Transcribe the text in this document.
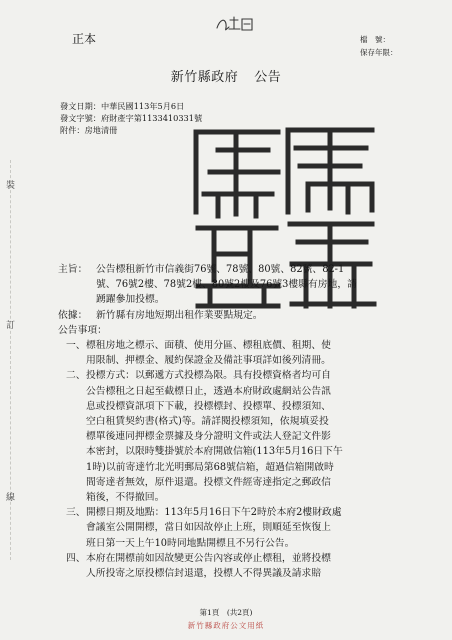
正本	檔　號：
保存年限：
新竹縣政府 公告
發文日期：中華民國113年5月6日
發文字號：府財產字第1133410331號
附件：房地清冊
裝
訂
線
主旨： 公告標租新竹市信義街76號、78號、80號、82號、82-1
號、76號2樓、78號2樓、80號2樓及76號3樓縣有房地，請
踴躍參加投標。
依據： 新竹縣有房地短期出租作業要點規定。
公告事項：
一、 標租房地之標示、面積、使用分區、標租底價、租期、使
用限制、押標金、履約保證金及備註事項詳如後列清冊。
二、 投標方式：以郵遞方式投標為限。具有投標資格者均可自
公告標租之日起至截標日止，透過本府財政處網站公告訊
息或投標資訊項下下載，投標標封、投標單、投標須知、
空白租賃契約書(格式)等。請詳閱投標須知，依規填妥投
標單後連同押標金票據及身分證明文件或法人登記文件影
本密封，以限時雙掛號於本府開啟信箱(113年5月16日下午
1時)以前寄達竹北光明郵局第68號信箱，超過信箱開啟時
間寄達者無效，原件退還。投標文件經寄達指定之郵政信
箱後，不得撤回。
三、 開標日期及地點：113年5月16日下午2時於本府2樓財政處
會議室公開開標，當日如因故停止上班，則順延至恢復上
班日第一天上午10時同地點開標且不另行公告。
四、 本府在開標前如因故變更公告內容或停止標租，並將投標
人所投寄之原投標信封退還，投標人不得異議及請求賠
第1頁　(共2頁)
新竹縣政府公文用紙
